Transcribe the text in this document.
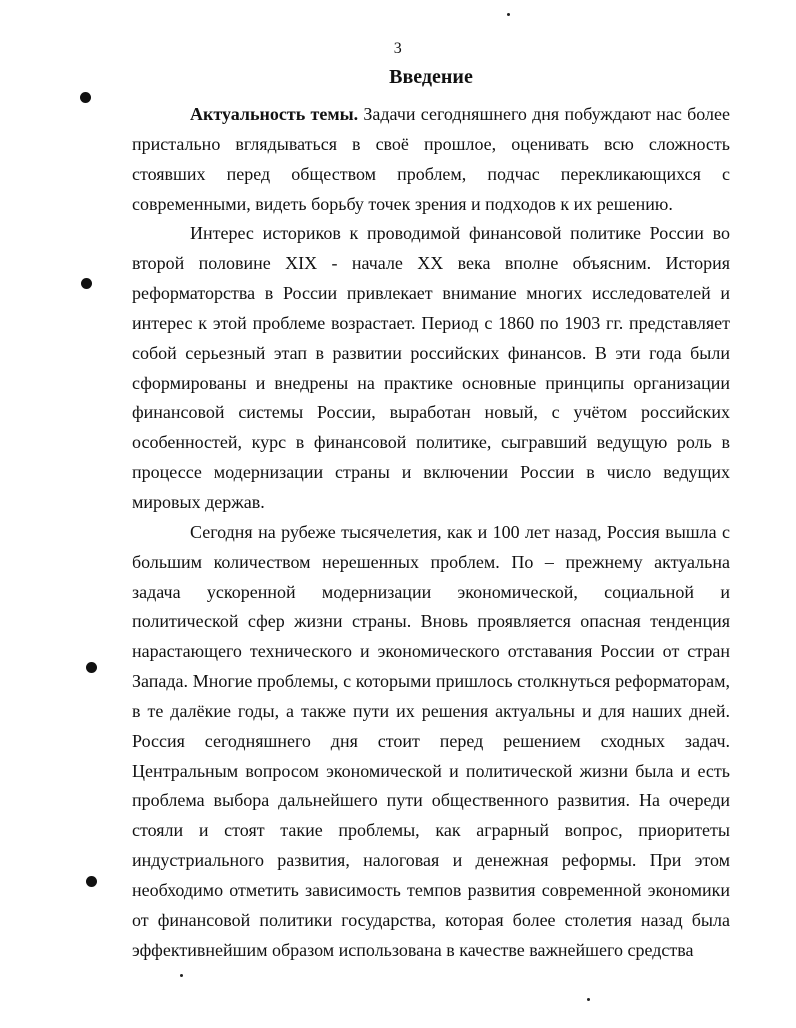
3
Введение

Актуальность темы. Задачи сегодняшнего дня побуждают нас более пристально вглядываться в своё прошлое, оценивать всю сложность стоявших перед обществом проблем, подчас перекликающихся с современными, видеть борьбу точек зрения и подходов к их решению.

Интерес историков к проводимой финансовой политике России во второй половине XIX - начале XX века вполне объясним. История реформаторства в России привлекает внимание многих исследователей и интерес к этой проблеме возрастает. Период с 1860 по 1903 гг. представляет собой серьезный этап в развитии российских финансов. В эти года были сформированы и внедрены на практике основные принципы организации финансовой системы России, выработан новый, с учётом российских особенностей, курс в финансовой политике, сыгравший ведущую роль в процессе модернизации страны и включении России в число ведущих мировых держав.

Сегодня на рубеже тысячелетия, как и 100 лет назад, Россия вышла с большим количеством нерешенных проблем. По – прежнему актуальна задача ускоренной модернизации экономической, социальной и политической сфер жизни страны. Вновь проявляется опасная тенденция нарастающего технического и экономического отставания России от стран Запада. Многие проблемы, с которыми пришлось столкнуться реформаторам, в те далёкие годы, а также пути их решения актуальны и для наших дней. Россия сегодняшнего дня стоит перед решением сходных задач. Центральным вопросом экономической и политической жизни была и есть проблема выбора дальнейшего пути общественного развития. На очереди стояли и стоят такие проблемы, как аграрный вопрос, приоритеты индустриального развития, налоговая и денежная реформы. При этом необходимо отметить зависимость темпов развития современной экономики от финансовой политики государства, которая более столетия назад была эффективнейшим образом использована в качестве важнейшего средства
